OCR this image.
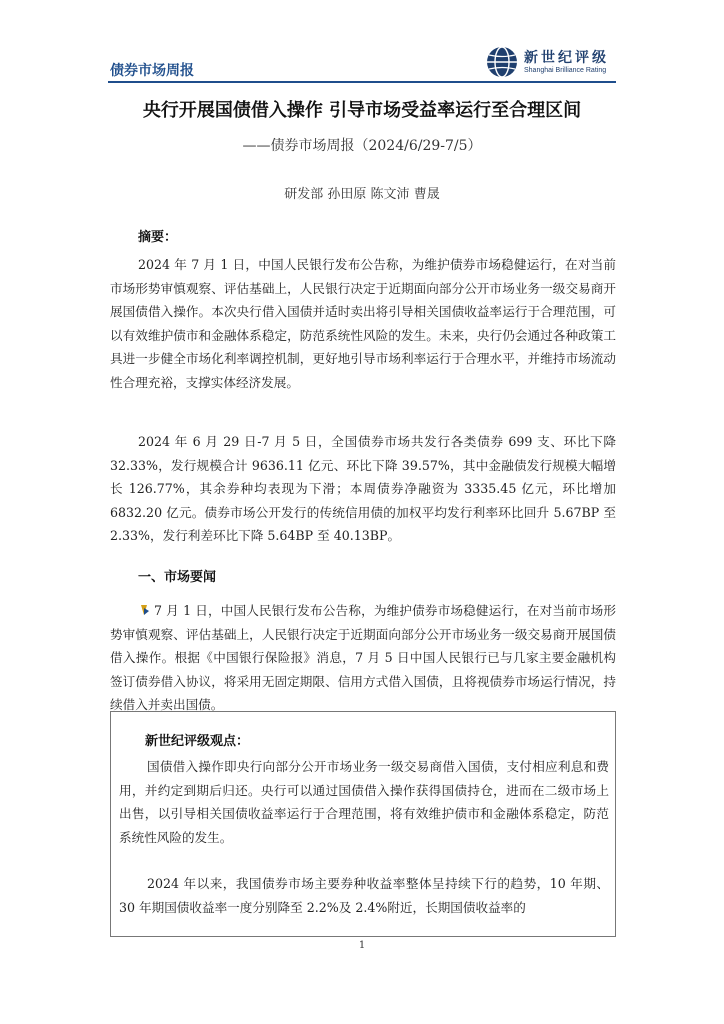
债券市场周报
新世纪评级
Shanghai Brilliance Rating
央行开展国债借入操作 引导市场受益率运行至合理区间
——债券市场周报（2024/6/29-7/5）
研发部 孙田原 陈文沛 曹晟
摘要：

2024 年 7 月 1 日，中国人民银行发布公告称，为维护债券市场稳健运行，在对当前市场形势审慎观察、评估基础上，人民银行决定于近期面向部分公开市场业务一级交易商开展国债借入操作。本次央行借入国债并适时卖出将引导相关国债收益率运行于合理范围，可以有效维护债市和金融体系稳定，防范系统性风险的发生。未来，央行仍会通过各种政策工具进一步健全市场化利率调控机制，更好地引导市场利率运行于合理水平，并维持市场流动性合理充裕，支撑实体经济发展。

2024 年 6 月 29 日-7 月 5 日，全国债券市场共发行各类债券 699 支、环比下降 32.33%，发行规模合计 9636.11 亿元、环比下降 39.57%，其中金融债发行规模大幅增长 126.77%，其余券种均表现为下滑；本周债券净融资为 3335.45 亿元，环比增加 6832.20 亿元。债券市场公开发行的传统信用债的加权平均发行利率环比回升 5.67BP 至 2.33%，发行利差环比下降 5.64BP 至 40.13BP。

一、市场要闻

7 月 1 日，中国人民银行发布公告称，为维护债券市场稳健运行，在对当前市场形势审慎观察、评估基础上，人民银行决定于近期面向部分公开市场业务一级交易商开展国债借入操作。根据《中国银行保险报》消息，7 月 5 日中国人民银行已与几家主要金融机构签订债券借入协议，将采用无固定期限、信用方式借入国债，且将视债券市场运行情况，持续借入并卖出国债。

新世纪评级观点：

国债借入操作即央行向部分公开市场业务一级交易商借入国债，支付相应利息和费用，并约定到期后归还。央行可以通过国债借入操作获得国债持仓，进而在二级市场上出售，以引导相关国债收益率运行于合理范围，将有效维护债市和金融体系稳定，防范系统性风险的发生。

2024 年以来，我国债券市场主要券种收益率整体呈持续下行的趋势，10 年期、30 年期国债收益率一度分别降至 2.2%及 2.4%附近，长期国债收益率的

1
